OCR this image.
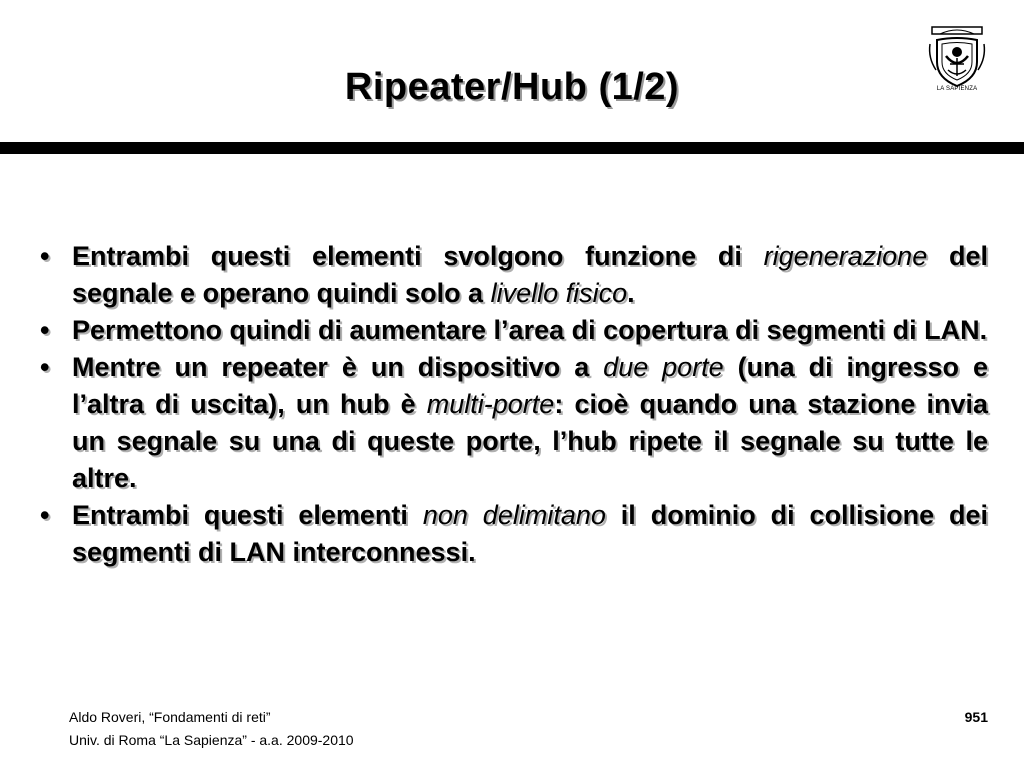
Ripeater/Hub (1/2)	LA SAPIENZA
• Entrambi questi elementi svolgono funzione di rigenerazione del segnale e operano quindi solo a livello fisico.
• Permettono quindi di aumentare l’area di copertura di segmenti di LAN.
• Mentre un repeater è un dispositivo a due porte (una di ingresso e l’altra di uscita), un hub è multi-porte: cioè quando una stazione invia un segnale su una di queste porte, l’hub ripete il segnale su tutte le altre.
• Entrambi questi elementi non delimitano il dominio di collisione dei segmenti di LAN interconnessi.
Aldo Roveri, “Fondamenti di reti”
Univ. di Roma “La Sapienza” - a.a. 2009-2010
951
